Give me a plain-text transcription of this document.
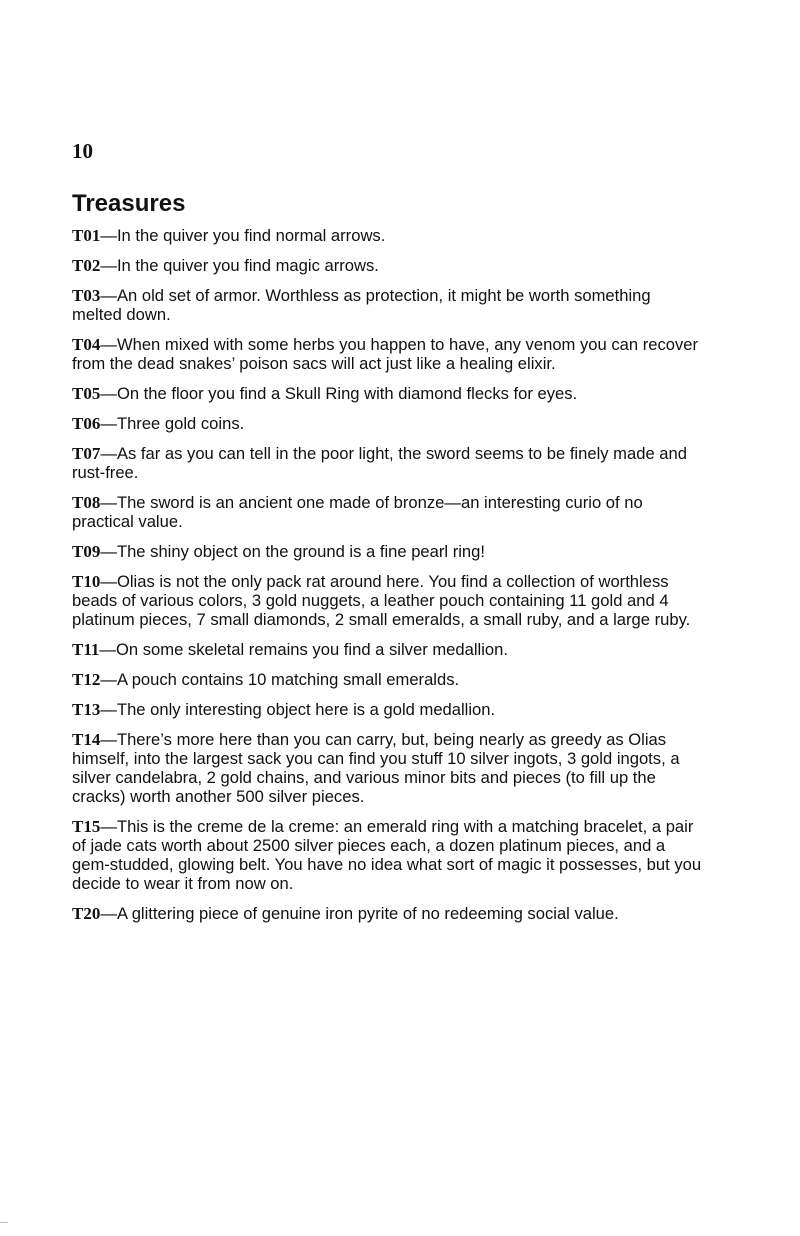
10
Treasures

T01—In the quiver you find normal arrows.

T02—In the quiver you find magic arrows.

T03—An old set of armor. Worthless as protection, it might be worth something melted down.

T04—When mixed with some herbs you happen to have, any venom you can recover from the dead snakes’ poison sacs will act just like a healing elixir.

T05—On the floor you find a Skull Ring with diamond flecks for eyes.

T06—Three gold coins.

T07—As far as you can tell in the poor light, the sword seems to be finely made and rust-free.

T08—The sword is an ancient one made of bronze—an interesting curio of no practical value.

T09—The shiny object on the ground is a fine pearl ring!

T10—Olias is not the only pack rat around here. You find a collection of worthless beads of various colors, 3 gold nuggets, a leather pouch containing 11 gold and 4 platinum pieces, 7 small diamonds, 2 small emeralds, a small ruby, and a large ruby.

T11—On some skeletal remains you find a silver medallion.

T12—A pouch contains 10 matching small emeralds.

T13—The only interesting object here is a gold medallion.

T14—There’s more here than you can carry, but, being nearly as greedy as Olias himself, into the largest sack you can find you stuff 10 silver ingots, 3 gold ingots, a silver candelabra, 2 gold chains, and various minor bits and pieces (to fill up the cracks) worth another 500 silver pieces.

T15—This is the creme de la creme: an emerald ring with a matching bracelet, a pair of jade cats worth about 2500 silver pieces each, a dozen platinum pieces, and a gem-studded, glowing belt. You have no idea what sort of magic it possesses, but you decide to wear it from now on.

T20—A glittering piece of genuine iron pyrite of no redeeming social value.
